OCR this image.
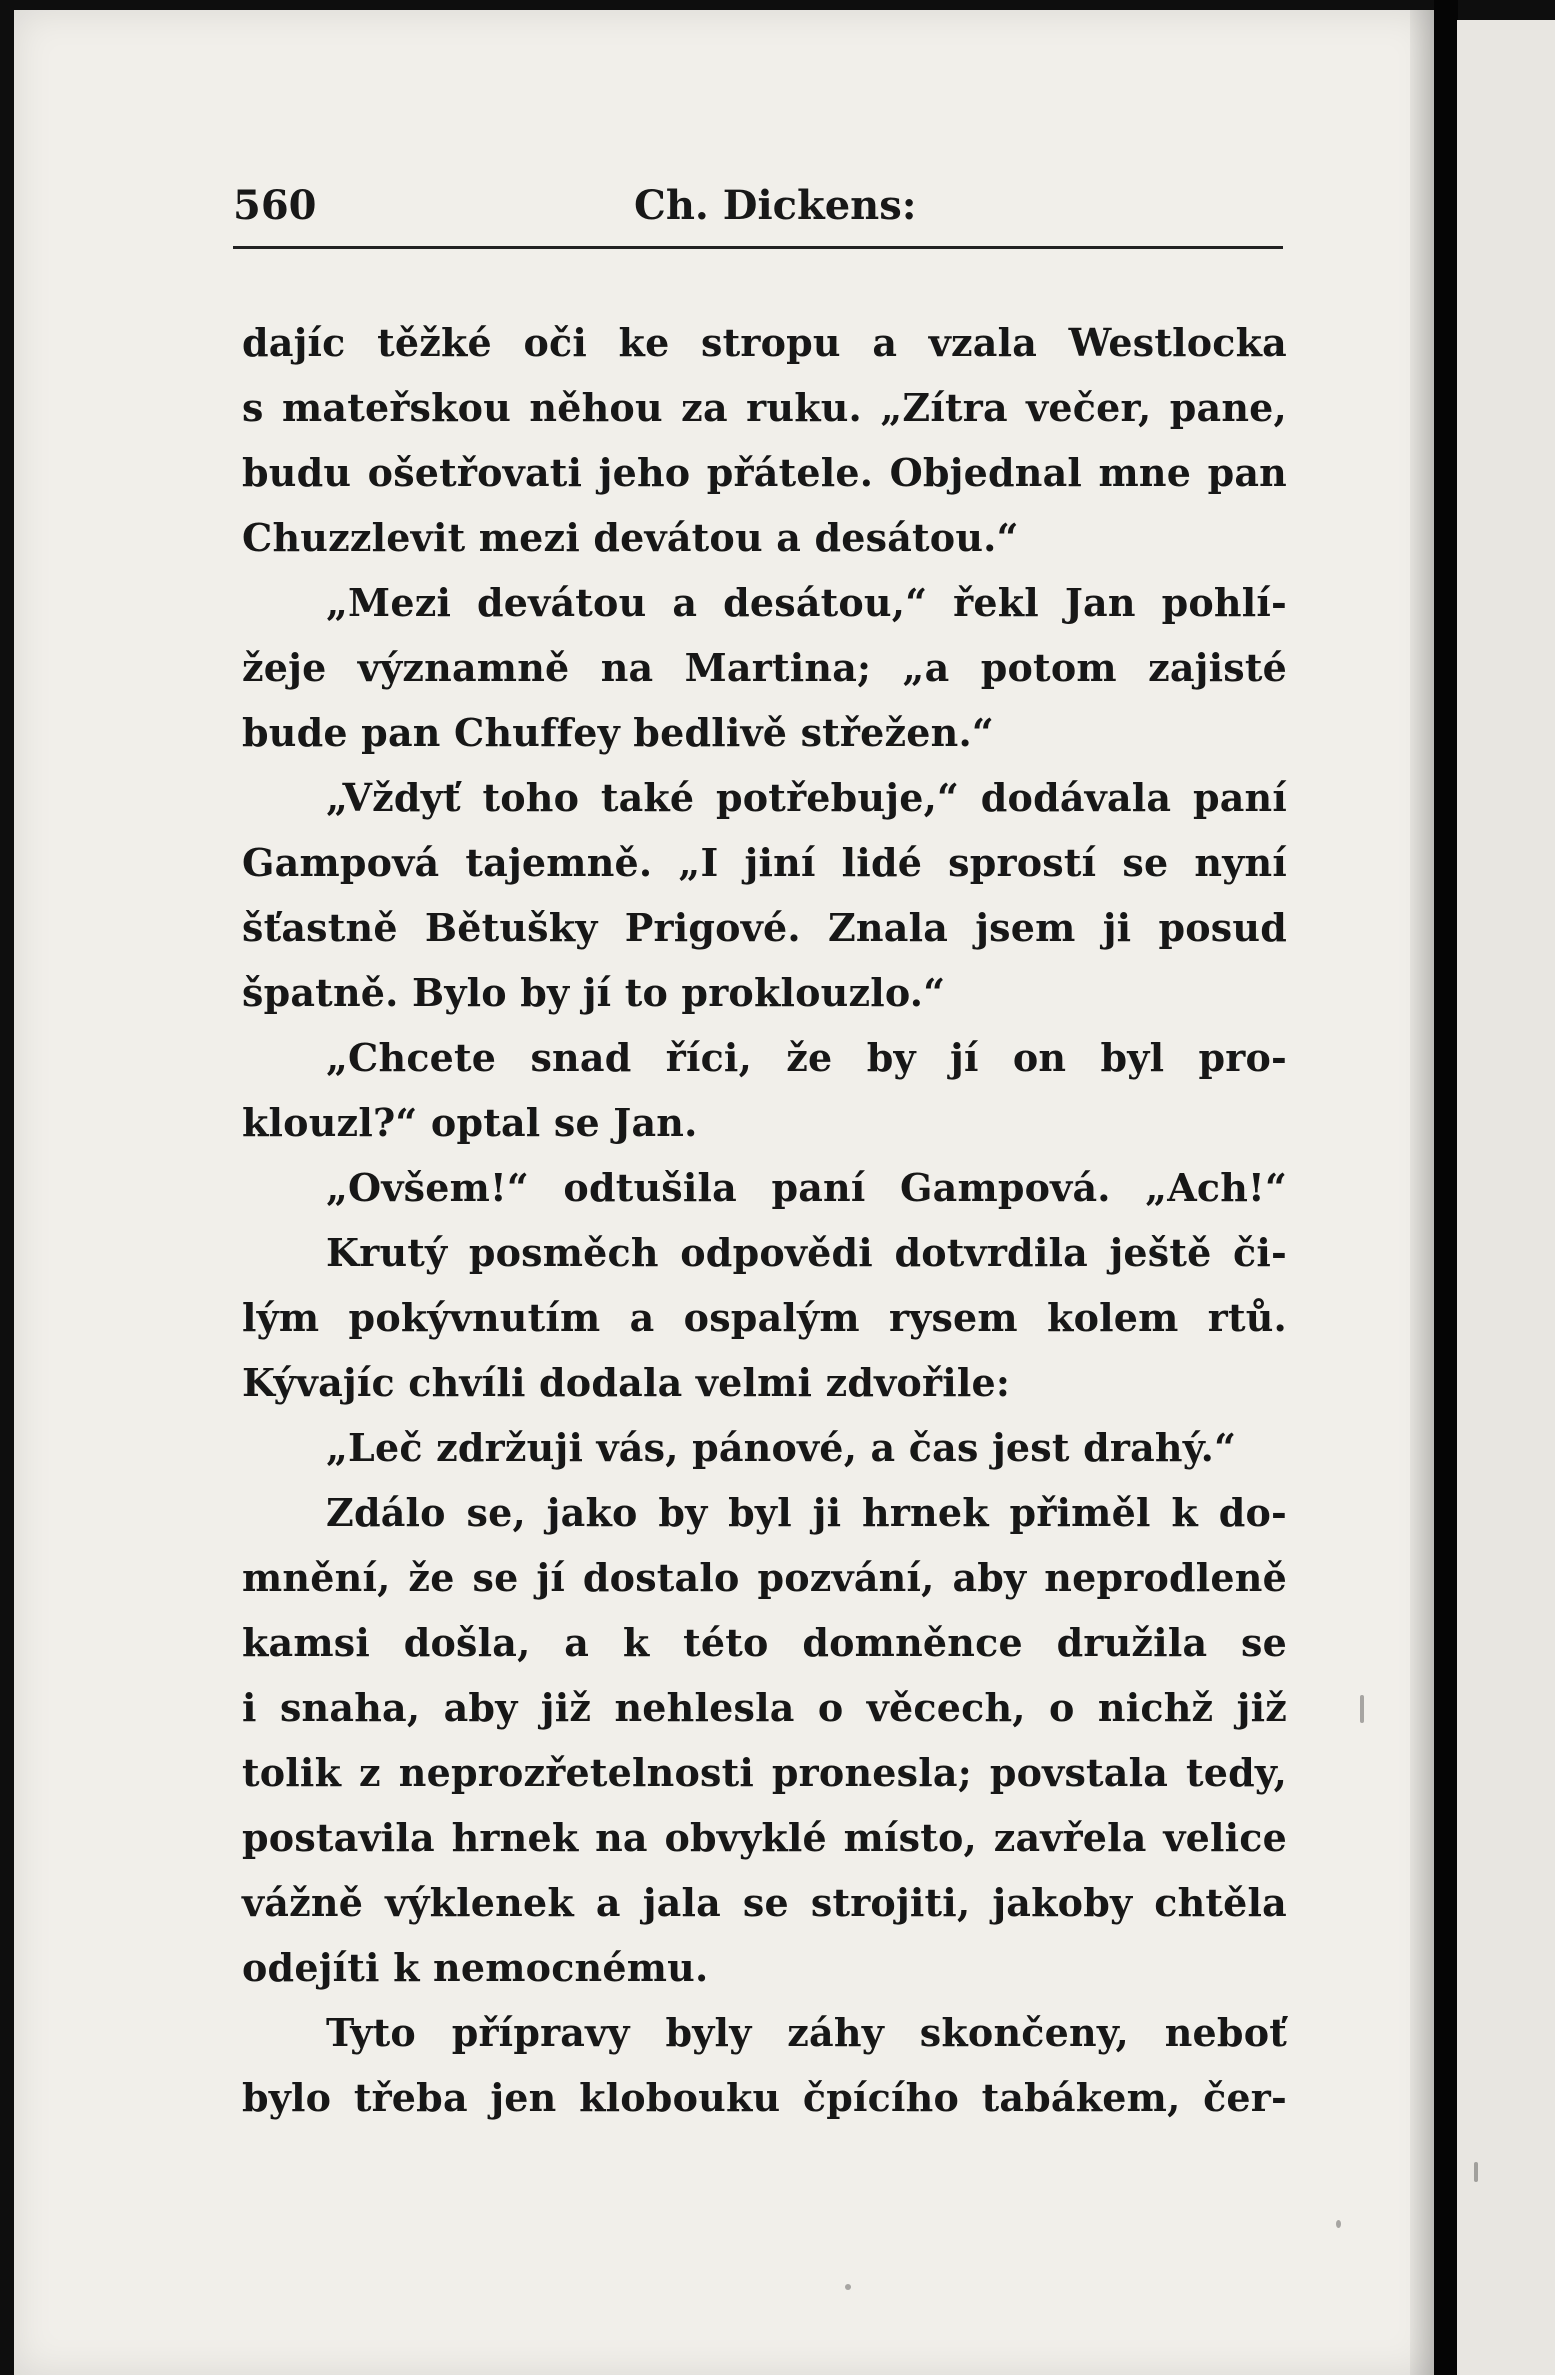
560	Ch. Dickens:
dajíc těžké oči ke stropu a vzala Westlocka
s mateřskou něhou za ruku. „Zítra večer, pane,
budu ošetřovati jeho přátele. Objednal mne pan
Chuzzlevit mezi devátou a desátou.“
„Mezi devátou a desátou,“ řekl Jan pohlí-
žeje významně na Martina; „a potom zajisté
bude pan Chuffey bedlivě střežen.“
„Vždyť toho také potřebuje,“ dodávala paní
Gampová tajemně. „I jiní lidé sprostí se nyní
šťastně Bětušky Prigové. Znala jsem ji posud
špatně. Bylo by jí to proklouzlo.“
„Chcete snad říci, že by jí on byl pro-
klouzl?“ optal se Jan.
„Ovšem!“ odtušila paní Gampová. „Ach!“
Krutý posměch odpovědi dotvrdila ještě či-
lým pokývnutím a ospalým rysem kolem rtů.
Kývajíc chvíli dodala velmi zdvořile:
„Leč zdržuji vás, pánové, a čas jest drahý.“
Zdálo se, jako by byl ji hrnek přiměl k do-
mnění, že se jí dostalo pozvání, aby neprodleně
kamsi došla, a k této domněnce družila se
i snaha, aby již nehlesla o věcech, o nichž již
tolik z neprozřetelnosti pronesla; povstala tedy,
postavila hrnek na obvyklé místo, zavřela velice
vážně výklenek a jala se strojiti, jakoby chtěla
odejíti k nemocnému.
Tyto přípravy byly záhy skončeny, neboť
bylo třeba jen klobouku čpícího tabákem, čer-
